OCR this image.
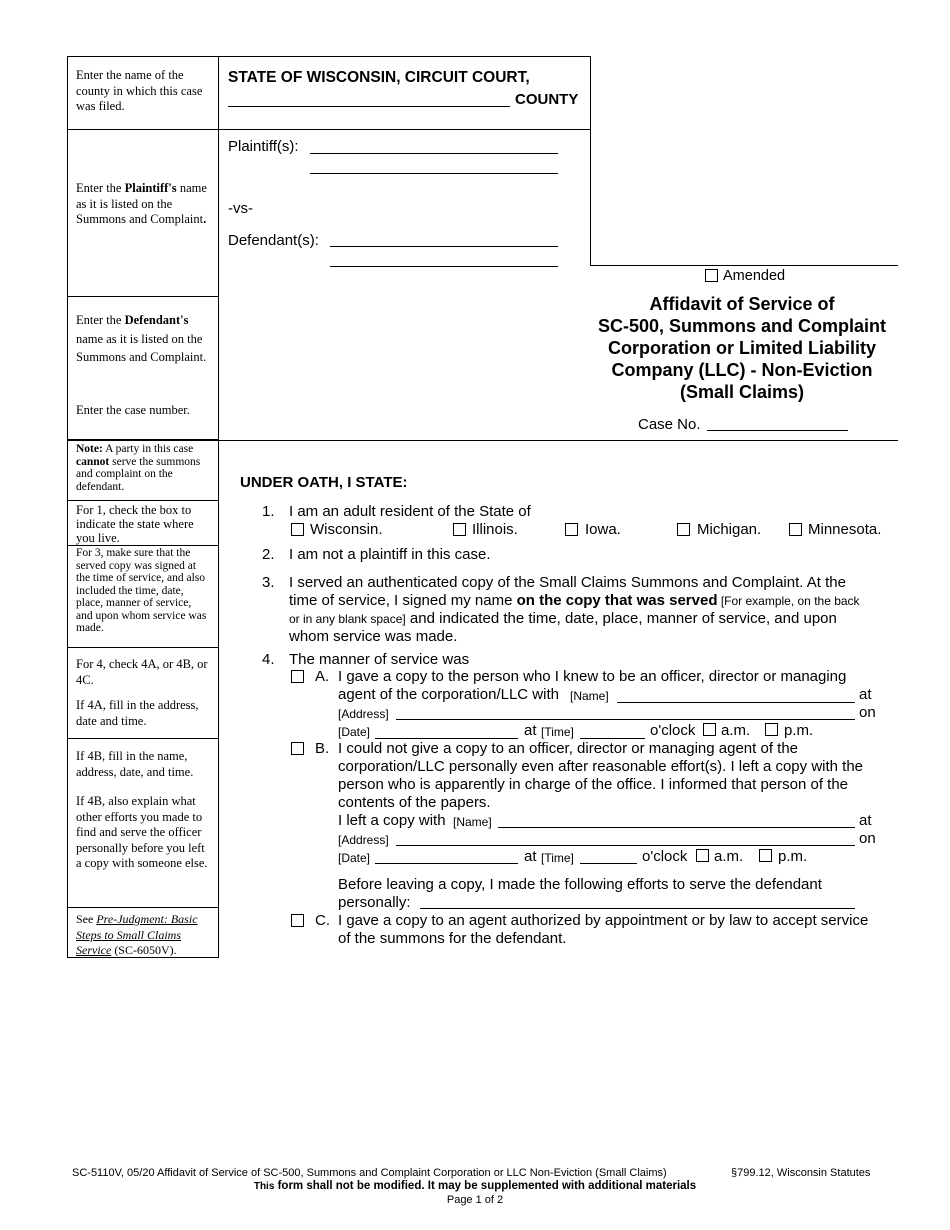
Enter the name of the county in which this case was filed.
Enter the Plaintiff's name as it is listed on the Summons and Complaint.
Enter the Defendant's name as it is listed on the Summons and Complaint.
Enter the case number.
Note: A party in this case cannot serve the summons and complaint on the defendant.
For 1, check the box to indicate the state where you live.
For 3, make sure that the served copy was signed at the time of service, and also included the time, date, place, manner of service, and upon whom service was made.
For 4, check 4A, or 4B, or 4C.
If 4A, fill in the address, date and time.
If 4B, fill in the name, address, date, and time.
If 4B, also explain what other efforts you made to find and serve the officer personally before you left a copy with someone else.
See Pre-Judgment: Basic Steps to Small Claims Service (SC-6050V).
STATE OF WISCONSIN, CIRCUIT COURT,
COUNTY
Plaintiff(s):
-vs-
Defendant(s):
Amended
Affidavit of Service of
SC-500, Summons and Complaint
Corporation or Limited Liability
Company (LLC) - Non-Eviction
(Small Claims)
Case No.
UNDER OATH, I STATE:
1. I am an adult resident of the State of
Wisconsin.	Illinois.	Iowa.	Michigan.	Minnesota.
2. I am not a plaintiff in this case.
3. I served an authenticated copy of the Small Claims Summons and Complaint. At the
time of service, I signed my name on the copy that was served [For example, on the back
or in any blank space] and indicated the time, date, place, manner of service, and upon
whom service was made.
4. The manner of service was
A. I gave a copy to the person who I knew to be an officer, director or managing
agent of the corporation/LLC with [Name]	at
[Address]	on
[Date]	at [Time]	o'clock a.m. p.m.
B. I could not give a copy to an officer, director or managing agent of the
corporation/LLC personally even after reasonable effort(s). I left a copy with the
person who is apparently in charge of the office. I informed that person of the
contents of the papers.
I left a copy with [Name]	at
[Address]	on
[Date]	at [Time]	o'clock a.m. p.m.
Before leaving a copy, I made the following efforts to serve the defendant
personally:
C. I gave a copy to an agent authorized by appointment or by law to accept service
of the summons for the defendant.
SC-5110V, 05/20 Affidavit of Service of SC-500, Summons and Complaint Corporation or LLC Non-Eviction (Small Claims)	§799.12, Wisconsin Statutes
This form shall not be modified. It may be supplemented with additional materials
Page 1 of 2
